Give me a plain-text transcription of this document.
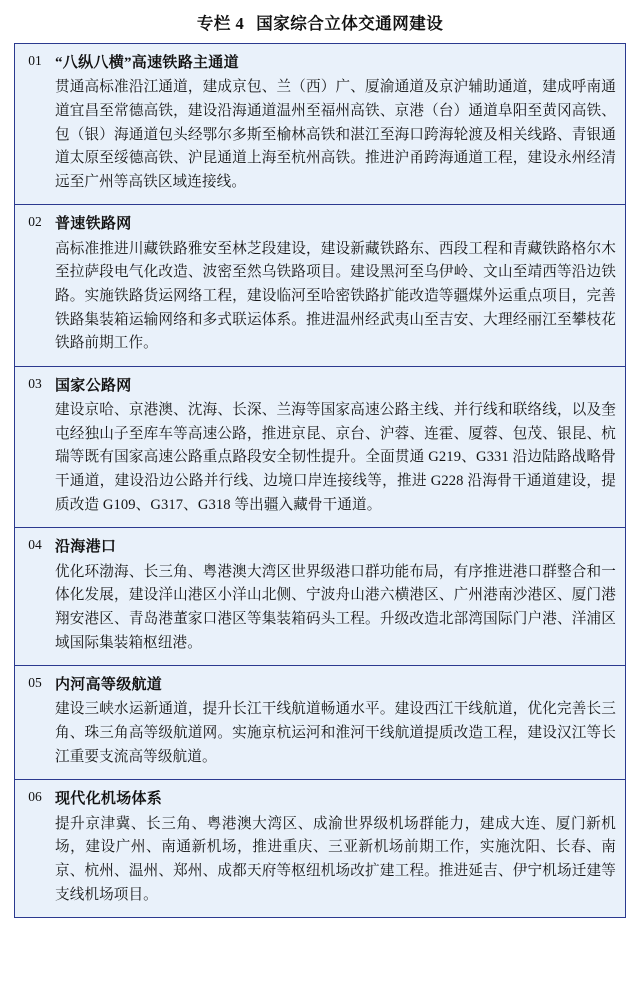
专栏 4 国家综合立体交通网建设
01	“八纵八横”高速铁路主通道
贯通高标准沿江通道，建成京包、兰（西）广、厦渝通道及京沪辅助通道，建成呼南通道宜昌至常德高铁，建设沿海通道温州至福州高铁、京港（台）通道阜阳至黄冈高铁、包（银）海通道包头经鄂尔多斯至榆林高铁和湛江至海口跨海轮渡及相关线路、青银通道太原至绥德高铁、沪昆通道上海至杭州高铁。推进沪甬跨海通道工程，建设永州经清远至广州等高铁区域连接线。

02	普速铁路网
高标准推进川藏铁路雅安至林芝段建设，建设新藏铁路东、西段工程和青藏铁路格尔木至拉萨段电气化改造、波密至然乌铁路项目。建设黑河至乌伊岭、文山至靖西等沿边铁路。实施铁路货运网络工程，建设临河至哈密铁路扩能改造等疆煤外运重点项目，完善铁路集装箱运输网络和多式联运体系。推进温州经武夷山至吉安、大理经丽江至攀枝花铁路前期工作。

03	国家公路网
建设京哈、京港澳、沈海、长深、兰海等国家高速公路主线、并行线和联络线，以及奎屯经独山子至库车等高速公路，推进京昆、京台、沪蓉、连霍、厦蓉、包茂、银昆、杭瑞等既有国家高速公路重点路段安全韧性提升。全面贯通 G219、G331 沿边陆路战略骨干通道，建设沿边公路并行线、边境口岸连接线等，推进 G228 沿海骨干通道建设，提质改造 G109、G317、G318 等出疆入藏骨干通道。

04	沿海港口
优化环渤海、长三角、粤港澳大湾区世界级港口群功能布局，有序推进港口群整合和一体化发展，建设洋山港区小洋山北侧、宁波舟山港六横港区、广州港南沙港区、厦门港翔安港区、青岛港董家口港区等集装箱码头工程。升级改造北部湾国际门户港、洋浦区域国际集装箱枢纽港。

05	内河高等级航道
建设三峡水运新通道，提升长江干线航道畅通水平。建设西江干线航道，优化完善长三角、珠三角高等级航道网。实施京杭运河和淮河干线航道提质改造工程，建设汉江等长江重要支流高等级航道。

06	现代化机场体系
提升京津冀、长三角、粤港澳大湾区、成渝世界级机场群能力，建成大连、厦门新机场，建设广州、南通新机场，推进重庆、三亚新机场前期工作，实施沈阳、长春、南京、杭州、温州、郑州、成都天府等枢纽机场改扩建工程。推进延吉、伊宁机场迁建等支线机场项目。
